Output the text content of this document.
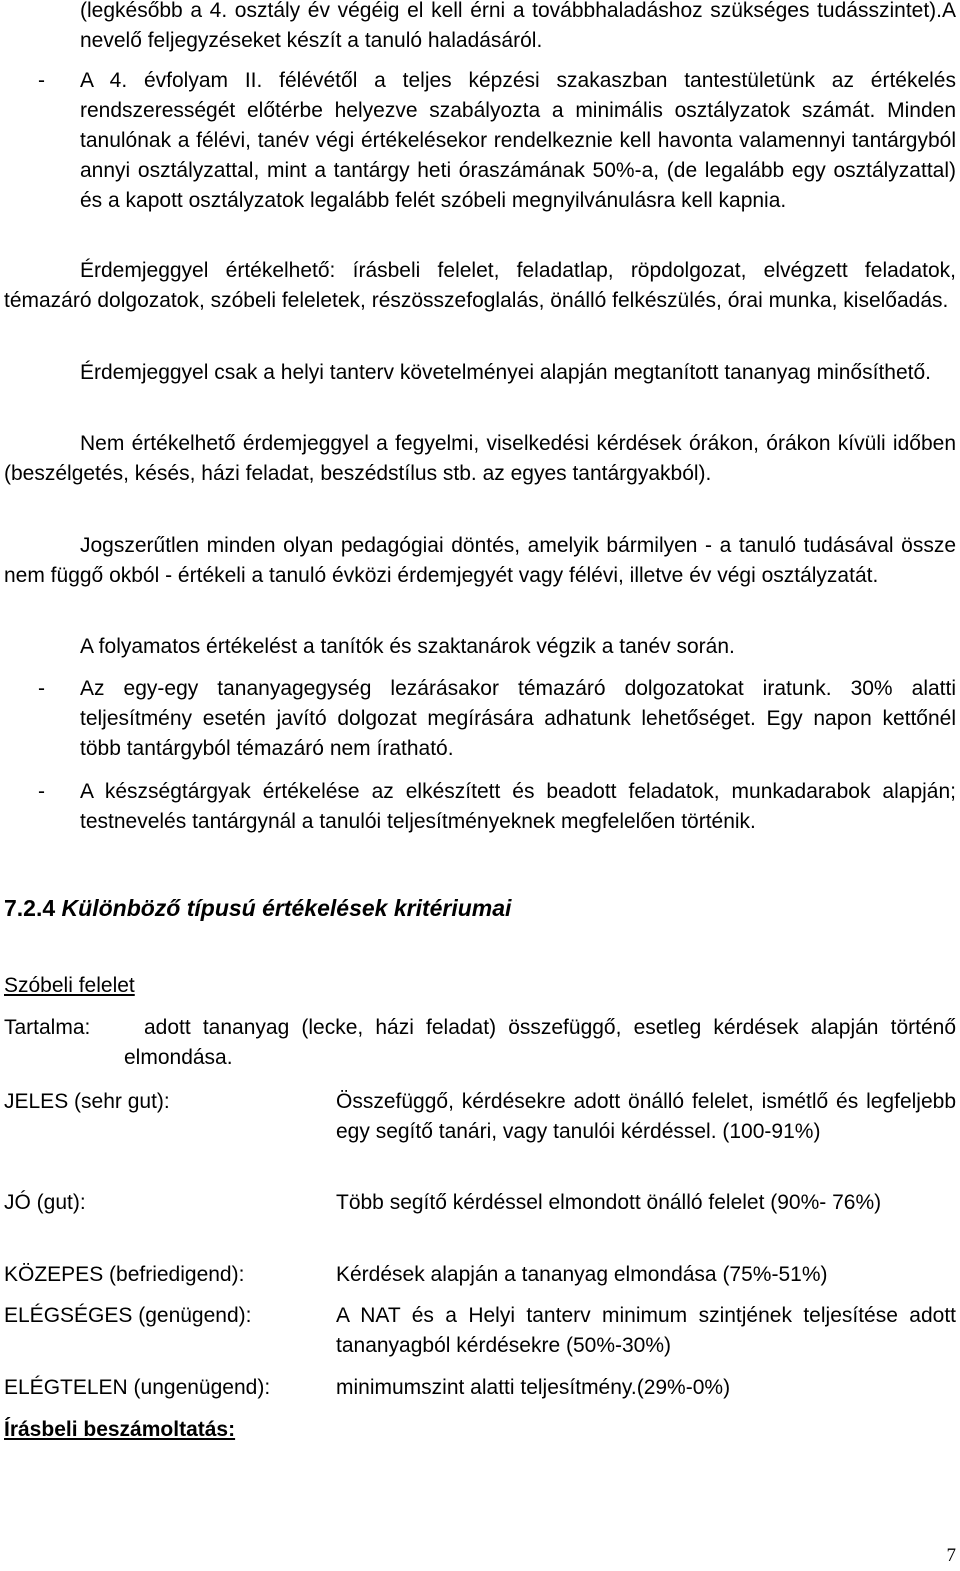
(legkésőbb a 4. osztály év végéig el kell érni a továbbhaladáshoz szükséges tudásszintet).A nevelő feljegyzéseket készít a tanuló haladásáról.

- A 4. évfolyam II. félévétől a teljes képzési szakaszban tantestületünk az értékelés rendszerességét előtérbe helyezve szabályozta a minimális osztályzatok számát. Minden tanulónak a félévi, tanév végi értékelésekor rendelkeznie kell havonta valamennyi tantárgyból annyi osztályzattal, mint a tantárgy heti óraszámának 50%-a, (de legalább egy osztályzattal) és a kapott osztályzatok legalább felét szóbeli megnyilvánulásra kell kapnia.

Érdemjeggyel értékelhető: írásbeli felelet, feladatlap, röpdolgozat, elvégzett feladatok, témazáró dolgozatok, szóbeli feleletek, részösszefoglalás, önálló felkészülés, órai munka, kiselőadás.

Érdemjeggyel csak a helyi tanterv követelményei alapján megtanított tananyag minősíthető.

Nem értékelhető érdemjeggyel a fegyelmi, viselkedési kérdések órákon, órákon kívüli időben (beszélgetés, késés, házi feladat, beszédstílus stb. az egyes tantárgyakból).

Jogszerűtlen minden olyan pedagógiai döntés, amelyik bármilyen - a tanuló tudásával össze nem függő okból - értékeli a tanuló évközi érdemjegyét vagy félévi, illetve év végi osztályzatát.

A folyamatos értékelést a tanítók és szaktanárok végzik a tanév során.

- Az egy-egy tananyagegység lezárásakor témazáró dolgozatokat iratunk. 30% alatti teljesítmény esetén javító dolgozat megírására adhatunk lehetőséget. Egy napon kettőnél több tantárgyból témazáró nem íratható.

- A készségtárgyak értékelése az elkészített és beadott feladatok, munkadarabok alapján; testnevelés tantárgynál a tanulói teljesítményeknek megfelelően történik.

7.2.4 Különböző típusú értékelések kritériumai
Szóbeli felelet
Tartalma:	adott tananyag (lecke, házi feladat) összefüggő, esetleg kérdések alapján történő elmondása.
JELES (sehr gut):	Összefüggő, kérdésekre adott önálló felelet, ismétlő és legfeljebb egy segítő tanári, vagy tanulói kérdéssel. (100-91%)
JÓ (gut):	Több segítő kérdéssel elmondott önálló felelet (90%- 76%)
KÖZEPES (befriedigend):	Kérdések alapján a tananyag elmondása (75%-51%)
ELÉGSÉGES (genügend):	A NAT és a Helyi tanterv minimum szintjének teljesítése adott tananyagból kérdésekre (50%-30%)
ELÉGTELEN (ungenügend):	minimumszint alatti teljesítmény.(29%-0%)
Írásbeli beszámoltatás:
7
